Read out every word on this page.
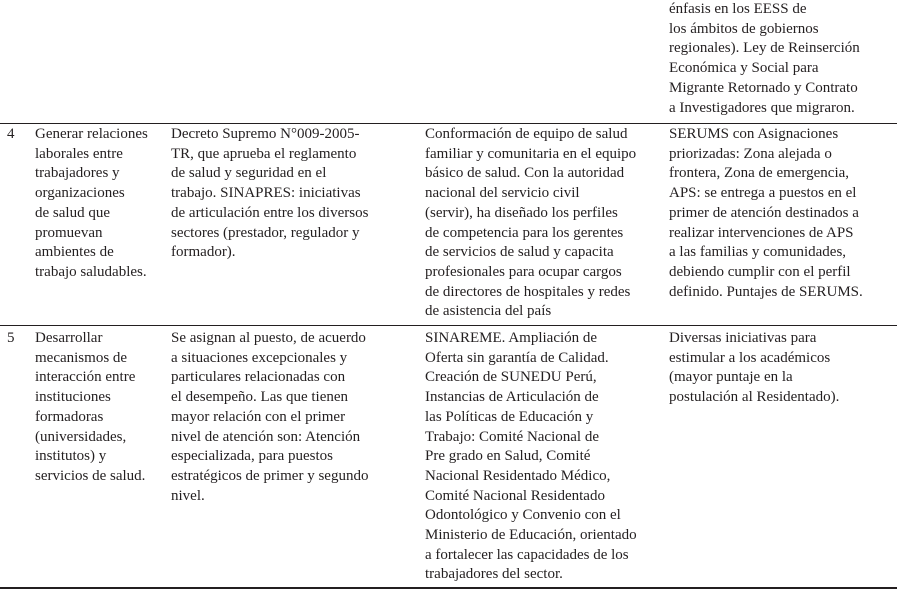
énfasis en los EESS de
los ámbitos de gobiernos
regionales). Ley de Reinserción
Económica y Social para
Migrante Retornado y Contrato
a Investigadores que migraron.

4	Generar relaciones
laborales entre
trabajadores y
organizaciones
de salud que
promuevan
ambientes de
trabajo saludables.

Decreto Supremo N°009-2005-
TR, que aprueba el reglamento
de salud y seguridad en el
trabajo. SINAPRES: iniciativas
de articulación entre los diversos
sectores (prestador, regulador y
formador).

Conformación de equipo de salud
familiar y comunitaria en el equipo
básico de salud. Con la autoridad
nacional del servicio civil
(servir), ha diseñado los perfiles
de competencia para los gerentes
de servicios de salud y capacita
profesionales para ocupar cargos
de directores de hospitales y redes
de asistencia del país

SERUMS con Asignaciones
priorizadas: Zona alejada o
frontera, Zona de emergencia,
APS: se entrega a puestos en el
primer de atención destinados a
realizar intervenciones de APS
a las familias y comunidades,
debiendo cumplir con el perfil
definido. Puntajes de SERUMS.

5	Desarrollar
mecanismos de
interacción entre
instituciones
formadoras
(universidades,
institutos) y
servicios de salud.

Se asignan al puesto, de acuerdo
a situaciones excepcionales y
particulares relacionadas con
el desempeño. Las que tienen
mayor relación con el primer
nivel de atención son: Atención
especializada, para puestos
estratégicos de primer y segundo
nivel.

SINAREME. Ampliación de
Oferta sin garantía de Calidad.
Creación de SUNEDU Perú,
Instancias de Articulación de
las Políticas de Educación y
Trabajo: Comité Nacional de
Pre grado en Salud, Comité
Nacional Residentado Médico,
Comité Nacional Residentado
Odontológico y Convenio con el
Ministerio de Educación, orientado
a fortalecer las capacidades de los
trabajadores del sector.

Diversas iniciativas para
estimular a los académicos
(mayor puntaje en la
postulación al Residentado).
